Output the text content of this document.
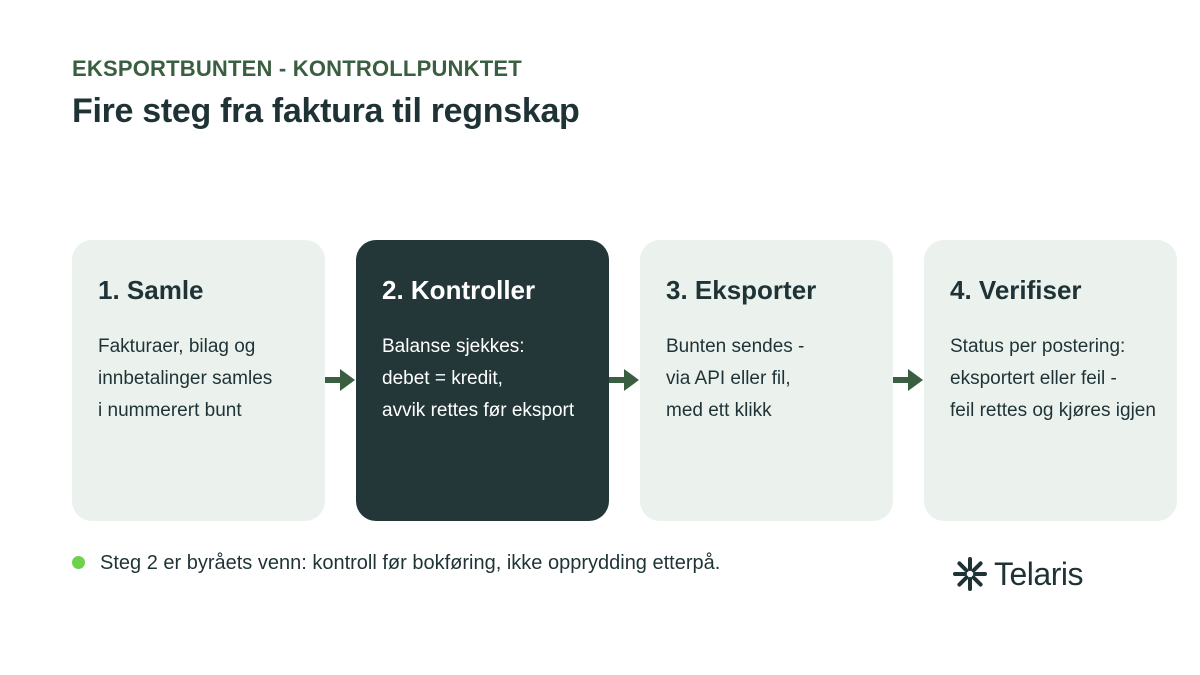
EKSPORTBUNTEN - KONTROLLPUNKTET
Fire steg fra faktura til regnskap
1. Samle
Fakturaer, bilag og
innbetalinger samles
i nummerert bunt
2. Kontroller
Balanse sjekkes:
debet = kredit,
avvik rettes før eksport
3. Eksporter
Bunten sendes -
via API eller fil,
med ett klikk
4. Verifiser
Status per postering:
eksportert eller feil -
feil rettes og kjøres igjen
Steg 2 er byråets venn: kontroll før bokføring, ikke opprydding etterpå.	Telaris
